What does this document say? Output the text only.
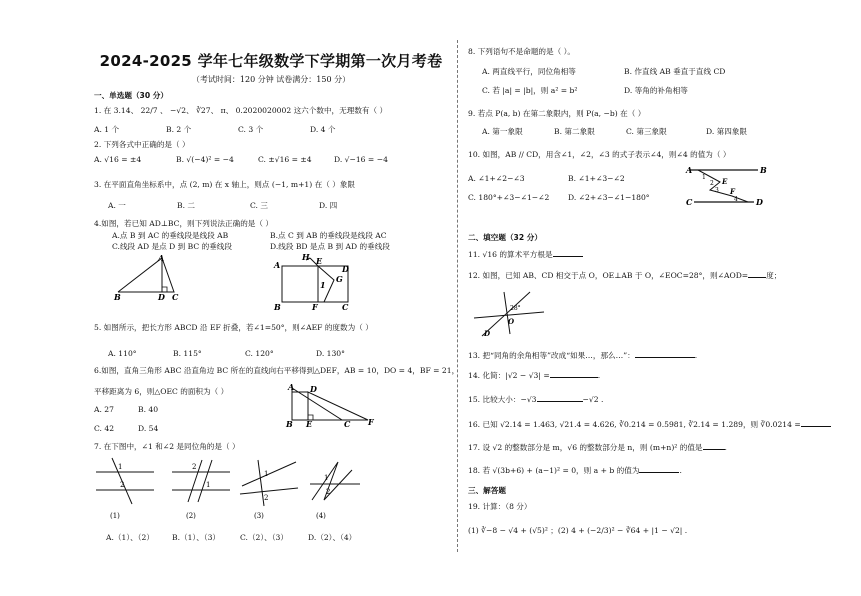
2024-2025 学年七年级数学下学期第一次月考卷
（考试时间：120 分钟 试卷满分：150 分）
一、单选题（30 分）
1. 在 3.14、 22/7 、 −√2、 ∛27、 π、 0.2020020002 这六个数中，无理数有（ ）
A. 1 个	B. 2 个	C. 3 个	D. 4 个
2. 下列各式中正确的是（ ）
A. √16 = ±4	B. √(−4)² = −4	C. ±√16 = ±4	D. √−16 = −4
3. 在平面直角坐标系中，点 (2, m) 在 x 轴上，则点 (−1, m+1) 在（ ）象限
A. 一	B. 二	C. 三	D. 四
4.如图，若已知 AD⊥BC，则下列说法正确的是（ ）
A.点 B 到 AC 的垂线段是线段 AB	B.点 C 到 AB 的垂线段是线段 AC
C.线段 AD 是点 D 到 BC 的垂线段	D.线段 BD 是点 B 到 AD 的垂线段
A
B	D C
A
B
H E
F
1
G
D
C
5. 如图所示，把长方形 ABCD 沿 EF 折叠，若∠1=50°，则∠AEF 的度数为（ ）
A. 110°	B. 115°	C. 120°	D. 130°
6.如图，直角三角形 ABC 沿直角边 BC 所在的直线向右平移得到△DEF，AB = 10，DO = 4，BF = 21，
平移距离为 6，则△OEC 的面积为（ ）
A. 27	B. 40
C. 42	D. 54
A D
B E	C F
7. 在下图中，∠1 和∠2 是同位角的是（ ）
1
2
(1)
2
1
(2)
1
2
(3)
1
2
(4)
A.（1）、（2） B.（1）、（3）	C.（2）、（3）	D.（2）、（4）
8. 下列语句不是命题的是（ ）。
A. 两直线平行，同位角相等	B. 作直线 AB 垂直于直线 CD
C. 若 |a| = |b|，则 a² = b²	D. 等角的补角相等
9. 若点 P(a, b) 在第二象限内，则 P(a, −b) 在（ ）
A. 第一象限	B. 第二象限	C. 第三象限	D. 第四象限
10. 如图，AB // CD，用含∠1，∠2，∠3 的式子表示∠4，则∠4 的值为（ ）
A. ∠1+∠2−∠3	B. ∠1+∠3−∠2
C. 180°+∠3−∠1−∠2 D. ∠2+∠3−∠1−180°
A	B
C	D
1
2
3
4
E
F
二、填空题（32 分）
11. √16 的算术平方根是
12. 如图，已知 AB、CD 相交于点 O，OE⊥AB 于 O，∠EOC=28°，则∠AOD= 度；
28°
O
D
13. 把“同角的余角相等”改成“如果…，那么…”：	.
14. 化简：|√2 − √3| =	.
15. 比较大小：−√3	−√2 .
16. 已知 √2.14 = 1.463, √21.4 = 4.626, ∛0.214 = 0.5981, ∛2.14 = 1.289，则 ∛0.0214 =
17. 设 √2 的整数部分是 m，√6 的整数部分是 n，则 (m+n)² 的值是	.
18. 若 √(3b+6) + (a−1)² = 0，则 a + b 的值为	.
三、解答题
19. 计算：（8 分）
(1) ∛−8 − √4 + (√5)² ；(2) 4 + (−2/3)² − ∛64 + |1 − √2| .
